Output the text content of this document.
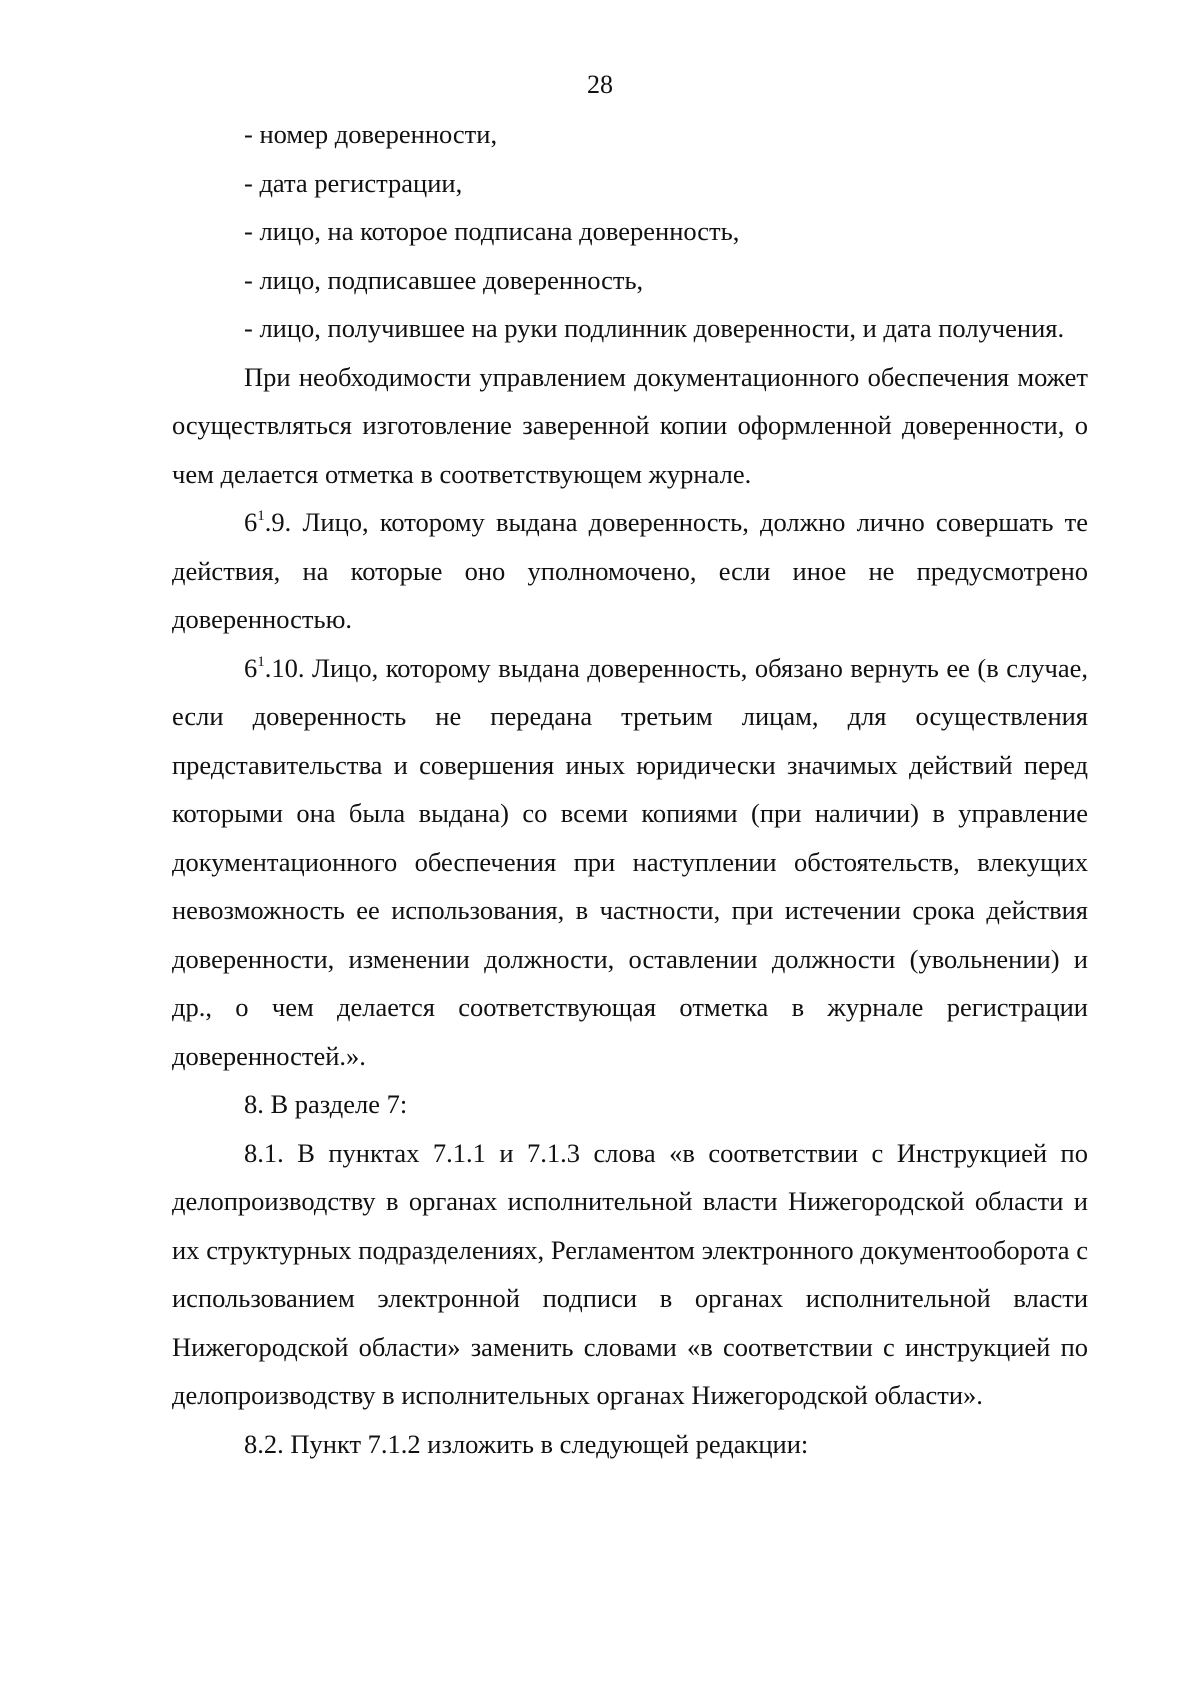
28

- номер доверенности,

- дата регистрации,

- лицо, на которое подписана доверенность,

- лицо, подписавшее доверенность,

- лицо, получившее на руки подлинник доверенности, и дата получения.

При необходимости управлением документационного обеспечения может осуществляться изготовление заверенной копии оформленной доверенности, о чем делается отметка в соответствующем журнале.

$6^1.9$. Лицо, которому выдана доверенность, должно лично совершать те действия, на которые оно уполномочено, если иное не предусмотрено доверенностью.

$6^1.10$. Лицо, которому выдана доверенность, обязано вернуть ее (в случае, если доверенность не передана третьим лицам, для осуществления представительства и совершения иных юридически значимых действий перед которыми она была выдана) со всеми копиями (при наличии) в управление документационного обеспечения при наступлении обстоятельств, влекущих невозможность ее использования, в частности, при истечении срока действия доверенности, изменении должности, оставлении должности (увольнении) и др., о чем делается соответствующая отметка в журнале регистрации доверенностей.».

8. В разделе 7:

8.1. В пунктах 7.1.1 и 7.1.3 слова «в соответствии с Инструкцией по делопроизводству в органах исполнительной власти Нижегородской области и их структурных подразделениях, Регламентом электронного документооборота с использованием электронной подписи в органах исполнительной власти Нижегородской области» заменить словами «в соответствии с инструкцией по делопроизводству в исполнительных органах Нижегородской области».

8.2. Пункт 7.1.2 изложить в следующей редакции:
